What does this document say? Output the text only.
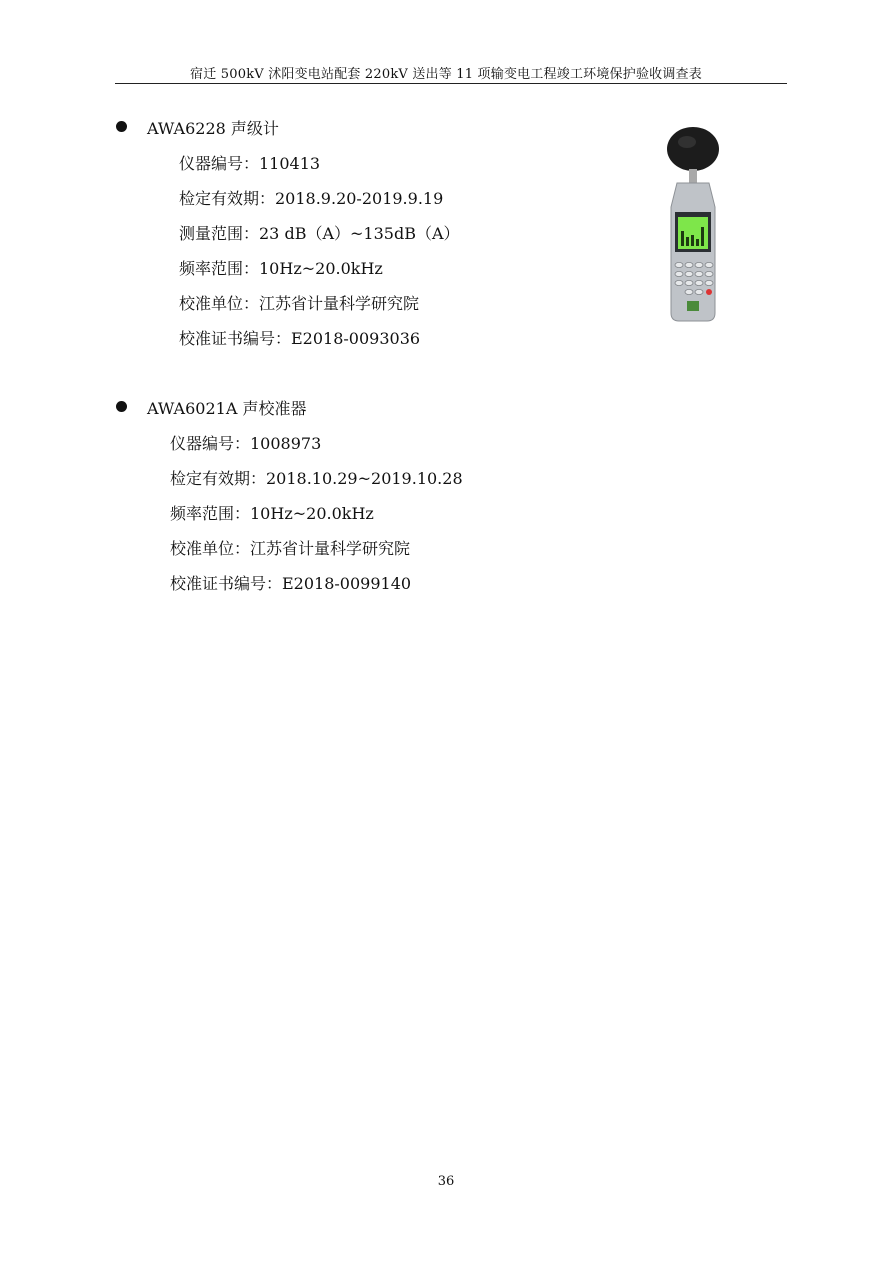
宿迁 500kV 沭阳变电站配套 220kV 送出等 11 项输变电工程竣工环境保护验收调查表
AWA6228 声级计
仪器编号：110413
检定有效期：2018.9.20-2019.9.19
测量范围：23 dB（A）~135dB（A）
频率范围：10Hz~20.0kHz
校准单位：江苏省计量科学研究院
校准证书编号：E2018-0093036
AWA6021A 声校准器
仪器编号：1008973
检定有效期：2018.10.29~2019.10.28
频率范围：10Hz~20.0kHz
校准单位：江苏省计量科学研究院
校准证书编号：E2018-0099140
36
